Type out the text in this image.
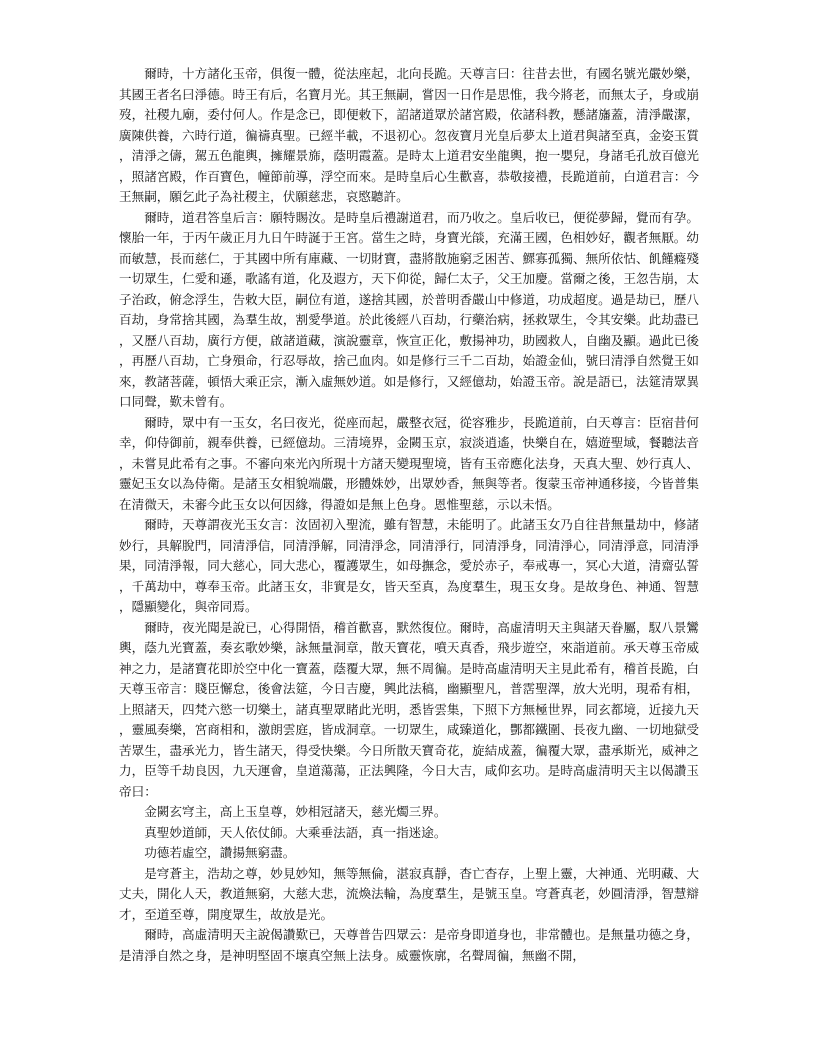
爾時，十方諸化玉帝，俱復一體，從法座起，北向長跪。天尊言曰：往昔去世，有國名號光嚴妙樂，其國王者名曰淨德。時王有后，名寶月光。其王無嗣，嘗因一日作是思惟，我今將老，而無太子，身或崩歿，社稷九廟，委付何人。作是念已，即便敕下，詔諸道眾於諸宮殿，依諸科教，懸諸旛蓋，清淨嚴潔，廣陳供養，六時行道，徧禱真聖。已經半載，不退初心。忽夜寶月光皇后夢太上道君與諸至真，金姿玉質，清淨之儔，駕五色龍輿，擁耀景旆，蔭明霞蓋。是時太上道君安坐龍輿，抱一嬰兒，身諸毛孔放百億光，照諸宮殿，作百寶色，幢節前導，浮空而來。是時皇后心生歡喜，恭敬接禮，長跪道前，白道君言：今王無嗣，願乞此子為社稷主，伏願慈悲，哀愍聽許。

爾時，道君答皇后言：願特賜汝。是時皇后禮謝道君，而乃收之。皇后收已，便從夢歸，覺而有孕。懷胎一年，于丙午歲正月九日午時誕于王宮。當生之時，身寶光燄，充滿王國，色相妙好，觀者無厭。幼而敏慧，長而慈仁，于其國中所有庫藏、一切財寶，盡將散施窮乏困苦、鰥寡孤獨、無所依怙、飢饉癃殘一切眾生，仁愛和遜，歌謠有道，化及遐方，天下仰從，歸仁太子，父王加慶。當爾之後，王忽告崩，太子治政，俯念浮生，告敕大臣，嗣位有道，遂捨其國，於普明香嚴山中修道，功成超度。過是劫已，歷八百劫，身常捨其國，為羣生故，割愛學道。於此後經八百劫，行藥治病，拯救眾生，令其安樂。此劫盡已，又歷八百劫，廣行方便，啟諸道藏，演說靈章，恢宣正化，敷揚神功，助國救人，自幽及顯。過此已後，再歷八百劫，亡身殞命，行忍辱故，捨己血肉。如是修行三千二百劫，始證金仙，號曰清淨自然覺王如來，教諸菩薩，頓悟大乘正宗，漸入虛無妙道。如是修行，又經億劫，始證玉帝。說是語已，法筵清眾異口同聲，歎未曾有。

爾時，眾中有一玉女，名曰夜光，從座而起，嚴整衣冠，從容雅步，長跪道前，白天尊言：臣宿昔何幸，仰侍御前，親奉供養，已經億劫。三清境界，金闕玉京，寂淡逍遙，快樂自在，嬉遊聖域，餐聽法音，未嘗見此希有之事。不審向來光內所現十方諸天變現聖境，皆有玉帝應化法身，天真大聖、妙行真人、靈妃玉女以為侍衛。是諸玉女相貌端嚴，形體姝妙，出眾妙香，無與等者。復蒙玉帝神通移接，今皆普集在清微天，未審今此玉女以何因緣，得證如是無上色身。恩惟聖慈，示以未悟。

爾時，天尊謂夜光玉女言：汝固初入聖流，雖有智慧，未能明了。此諸玉女乃自往昔無量劫中，修諸妙行，具解脫門，同清淨信，同清淨解，同清淨念，同清淨行，同清淨身，同清淨心，同清淨意，同清淨果，同清淨報，同大慈心，同大悲心，覆護眾生，如母撫念，愛於赤子，奉戒專一，冥心大道，清齋弘誓，千萬劫中，尊奉玉帝。此諸玉女，非實是女，皆天至真，為度羣生，現玉女身。是故身色、神通、智慧，隱顯變化，與帝同焉。

爾時，夜光聞是說已，心得開悟，稽首歡喜，默然復位。爾時，高虛清明天主與諸天眷屬，馭八景鸞輿，蔭九光寶蓋，奏玄歌妙樂，詠無量洞章，散天寶花，噴天真香，飛步遊空，來詣道前。承天尊玉帝威神之力，是諸寶花即於空中化一寶蓋，蔭覆大眾，無不周徧。是時高虛清明天主見此希有，稽首長跪，白天尊玉帝言：賤臣懈怠，後會法筵，今日吉慶，興此法稿，幽顯聖凡，普霑聖澤，放大光明，現希有相，上照諸天，四梵六慾一切樂土，諸真聖眾睹此光明，悉皆雲集，下照下方無極世界，同玄都境，近接九天，靈風奏樂，宮商相和，激朗雲庭，皆成洞章。一切眾生，咸臻道化，酆都鐵圍、長夜九幽、一切地獄受苦眾生，盡承光力，皆生諸天，得受快樂。今日所散天寶奇花，旋結成蓋，徧覆大眾，盡承斯光，威神之力，臣等千劫良因，九天運會，皇道蕩蕩，正法興隆，今日大吉，咸仰玄功。是時高虛清明天主以偈讚玉帝曰：

金闕玄穹主，高上玉皇尊，妙相冠諸天，慈光燭三界。

真聖妙道師，天人依仗師。大乘垂法語，真一指迷途。

功德若虛空，讚揚無窮盡。

是穹蒼主，浩劫之尊，妙見妙知，無等無倫，湛寂真靜，杳亡杳存，上聖上靈，大神通、光明藏、大丈夫，開化人天，教道無窮，大慈大悲，流煥法輪，為度羣生，是號玉皇。穹蒼真老，妙圓清淨，智慧辯才，至道至尊，開度眾生，故放是光。

爾時，高虛清明天主說偈讚歎已，天尊普告四眾云：是帝身即道身也，非常體也。是無量功德之身，是清淨自然之身，是神明堅固不壞真空無上法身。威靈恢廓，名聲周徧，無幽不開，
